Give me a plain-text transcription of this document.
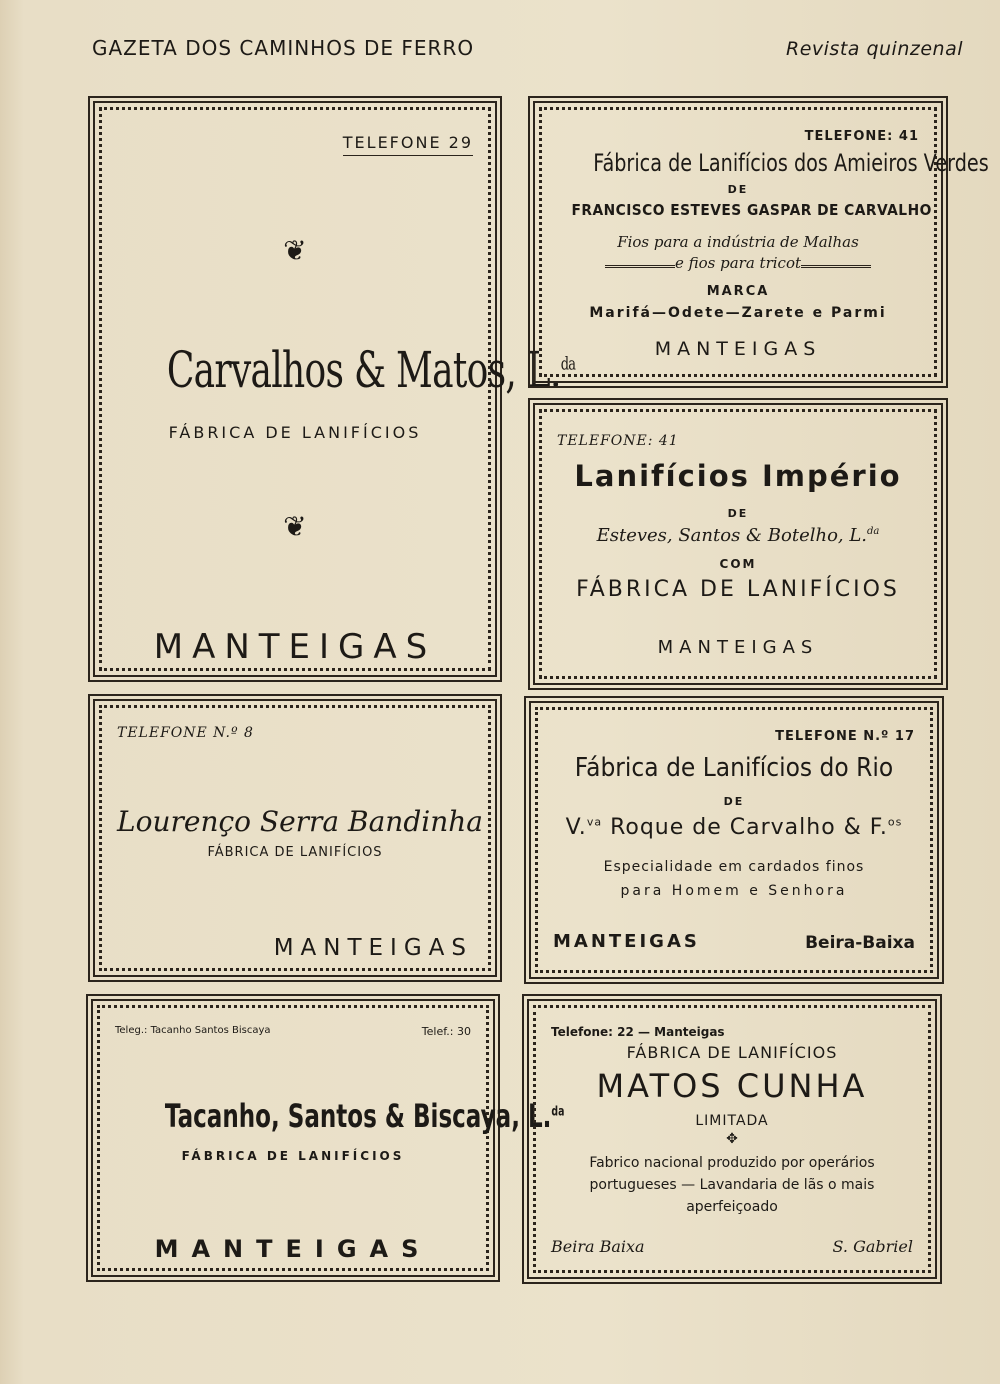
GAZETA DOS CAMINHOS DE FERRO	Revista quinzenal
TELEFONE 29
❦
Carvalhos & Matos, L.$^{da}$
FÁBRICA DE LANIFÍCIOS
❦
MANTEIGAS
TELEFONE: 41
Fábrica de Lanifícios dos Amieiros Verdes
DE
FRANCISCO ESTEVES GASPAR DE CARVALHO
Fios para a indústria de Malhas
e fios para tricot
MARCA
Marifá—Odete—Zarete e Parmi
MANTEIGAS
TELEFONE: 41
Lanifícios Império
DE
Esteves, Santos & Botelho, L.$^{da}$
COM
FÁBRICA DE LANIFÍCIOS
MANTEIGAS
TELEFONE N.º 8
Lourenço Serra Bandinha
FÁBRICA DE LANIFÍCIOS
MANTEIGAS
TELEFONE N.º 17
Fábrica de Lanifícios do Rio
DE
V.$^{va}$ Roque de Carvalho & F.$^{os}$
Especialidade em cardados finos
para Homem e Senhora
MANTEIGAS	Beira-Baixa
Teleg.: Tacanho Santos Biscaya	Telef.: 30
Tacanho, Santos & Biscaya, L.$^{da}$
FÁBRICA DE LANIFÍCIOS
MANTEIGAS
Telefone: 22 — Manteigas
FÁBRICA DE LANIFÍCIOS
MATOS CUNHA
LIMITADA
✥
Fabrico nacional produzido por operários
portugueses — Lavandaria de lãs o mais
aperfeiçoado
Beira Baixa	S. Gabriel
